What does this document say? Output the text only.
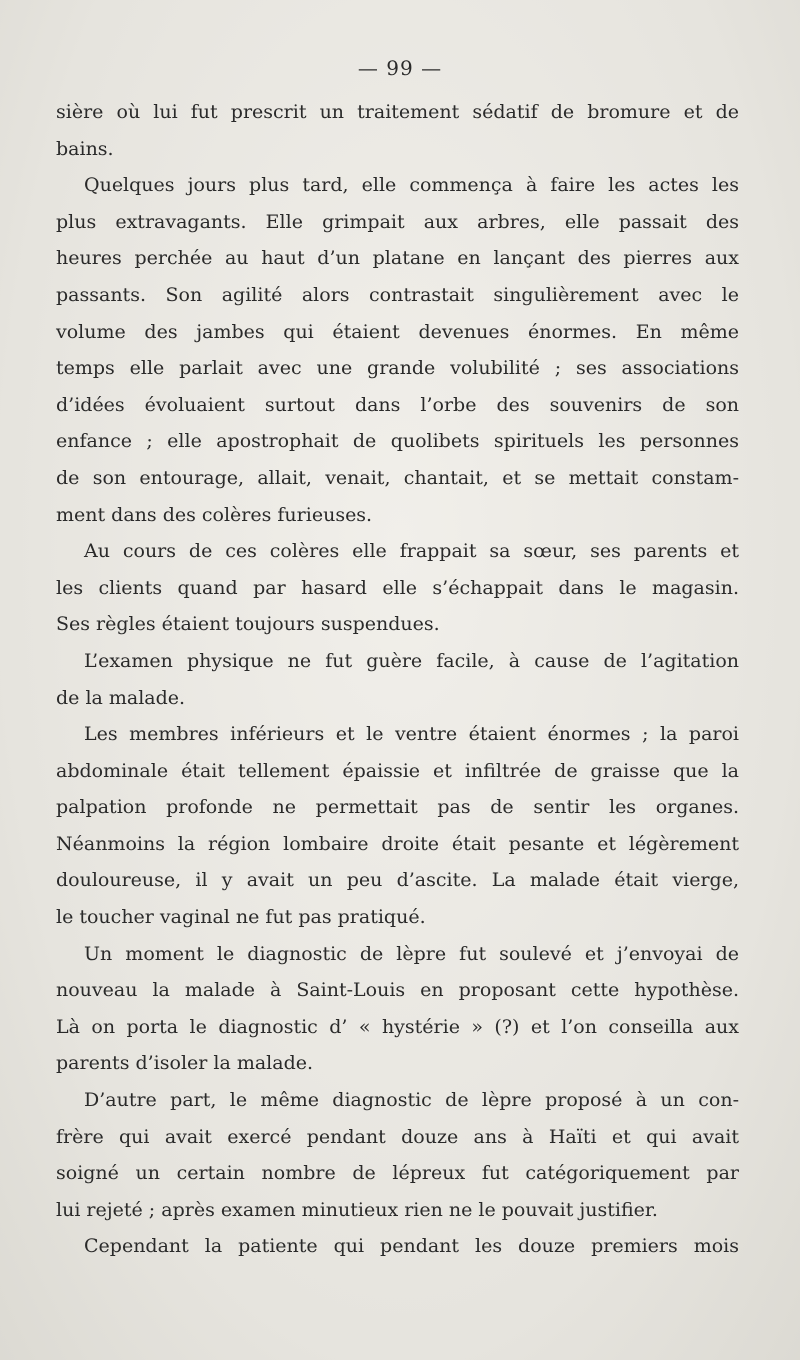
— 99 —
sière où lui fut prescrit un traitement sédatif de bromure et de
bains.
Quelques jours plus tard, elle commença à faire les actes les
plus extravagants. Elle grimpait aux arbres, elle passait des
heures perchée au haut d’un platane en lançant des pierres aux
passants. Son agilité alors contrastait singulièrement avec le
volume des jambes qui étaient devenues énormes. En même
temps elle parlait avec une grande volubilité ; ses associations
d’idées évoluaient surtout dans l’orbe des souvenirs de son
enfance ; elle apostrophait de quolibets spirituels les personnes
de son entourage, allait, venait, chantait, et se mettait constam-
ment dans des colères furieuses.
Au cours de ces colères elle frappait sa sœur, ses parents et
les clients quand par hasard elle s’échappait dans le magasin.
Ses règles étaient toujours suspendues.
L’examen physique ne fut guère facile, à cause de l’agitation
de la malade.
Les membres inférieurs et le ventre étaient énormes ; la paroi
abdominale était tellement épaissie et infiltrée de graisse que la
palpation profonde ne permettait pas de sentir les organes.
Néanmoins la région lombaire droite était pesante et légèrement
douloureuse, il y avait un peu d’ascite. La malade était vierge,
le toucher vaginal ne fut pas pratiqué.
Un moment le diagnostic de lèpre fut soulevé et j’envoyai de
nouveau la malade à Saint-Louis en proposant cette hypothèse.
Là on porta le diagnostic d’ « hystérie » (?) et l’on conseilla aux
parents d’isoler la malade.
D’autre part, le même diagnostic de lèpre proposé à un con-
frère qui avait exercé pendant douze ans à Haïti et qui avait
soigné un certain nombre de lépreux fut catégoriquement par
lui rejeté ; après examen minutieux rien ne le pouvait justifier.
Cependant la patiente qui pendant les douze premiers mois
